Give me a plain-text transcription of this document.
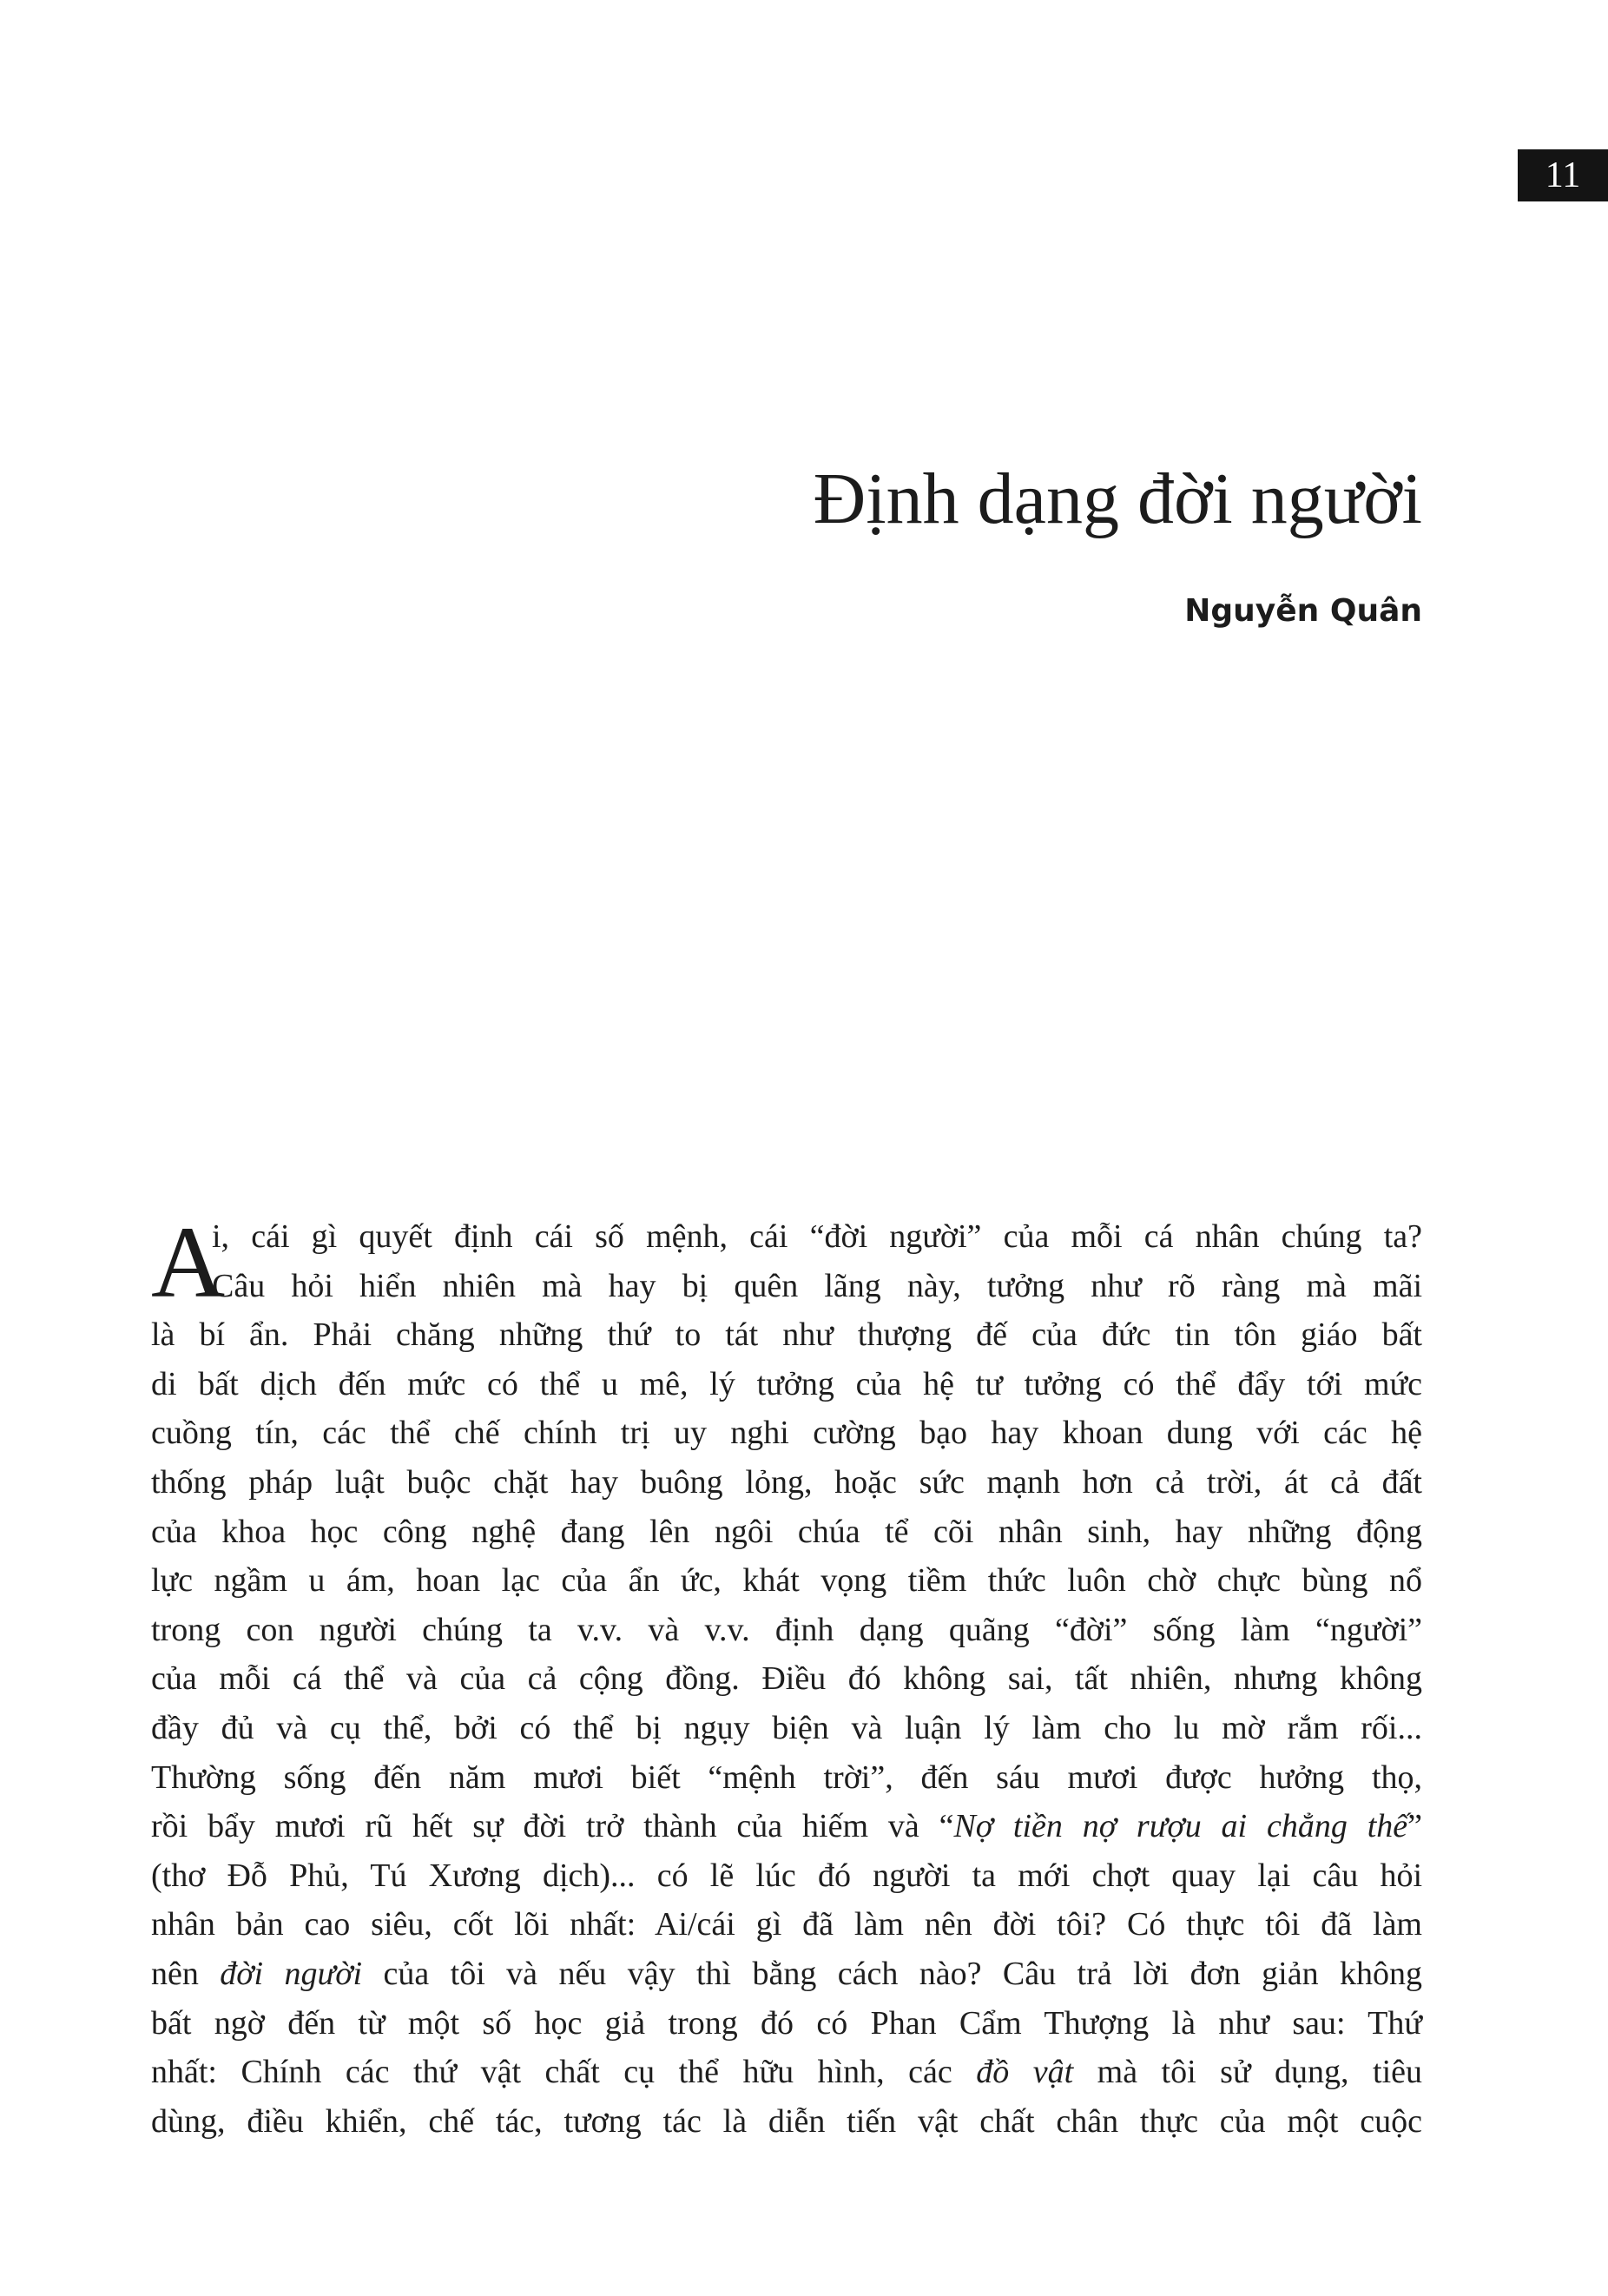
11
Định dạng đời người
Nguyễn Quân
A
i, cái gì quyết định cái số mệnh, cái “đời người” của mỗi cá nhân chúng ta?
Câu hỏi hiển nhiên mà hay bị quên lãng này, tưởng như rõ ràng mà mãi
là bí ẩn. Phải chăng những thứ to tát như thượng đế của đức tin tôn giáo bất
di bất dịch đến mức có thể u mê, lý tưởng của hệ tư tưởng có thể đẩy tới mức
cuồng tín, các thể chế chính trị uy nghi cường bạo hay khoan dung với các hệ
thống pháp luật buộc chặt hay buông lỏng, hoặc sức mạnh hơn cả trời, át cả đất
của khoa học công nghệ đang lên ngôi chúa tể cõi nhân sinh, hay những động
lực ngầm u ám, hoan lạc của ẩn ức, khát vọng tiềm thức luôn chờ chực bùng nổ
trong con người chúng ta v.v. và v.v. định dạng quãng “đời” sống làm “người”
của mỗi cá thể và của cả cộng đồng. Điều đó không sai, tất nhiên, nhưng không
đầy đủ và cụ thể, bởi có thể bị ngụy biện và luận lý làm cho lu mờ rắm rối...
Thường sống đến năm mươi biết “mệnh trời”, đến sáu mươi được hưởng thọ,
rồi bẩy mươi rũ hết sự đời trở thành của hiếm và “Nợ tiền nợ rượu ai chẳng thế”
(thơ Đỗ Phủ, Tú Xương dịch)... có lẽ lúc đó người ta mới chợt quay lại câu hỏi
nhân bản cao siêu, cốt lõi nhất: Ai/cái gì đã làm nên đời tôi? Có thực tôi đã làm
nên đời người của tôi và nếu vậy thì bằng cách nào? Câu trả lời đơn giản không
bất ngờ đến từ một số học giả trong đó có Phan Cẩm Thượng là như sau: Thứ
nhất: Chính các thứ vật chất cụ thể hữu hình, các đồ vật mà tôi sử dụng, tiêu
dùng, điều khiển, chế tác, tương tác là diễn tiến vật chất chân thực của một cuộc
